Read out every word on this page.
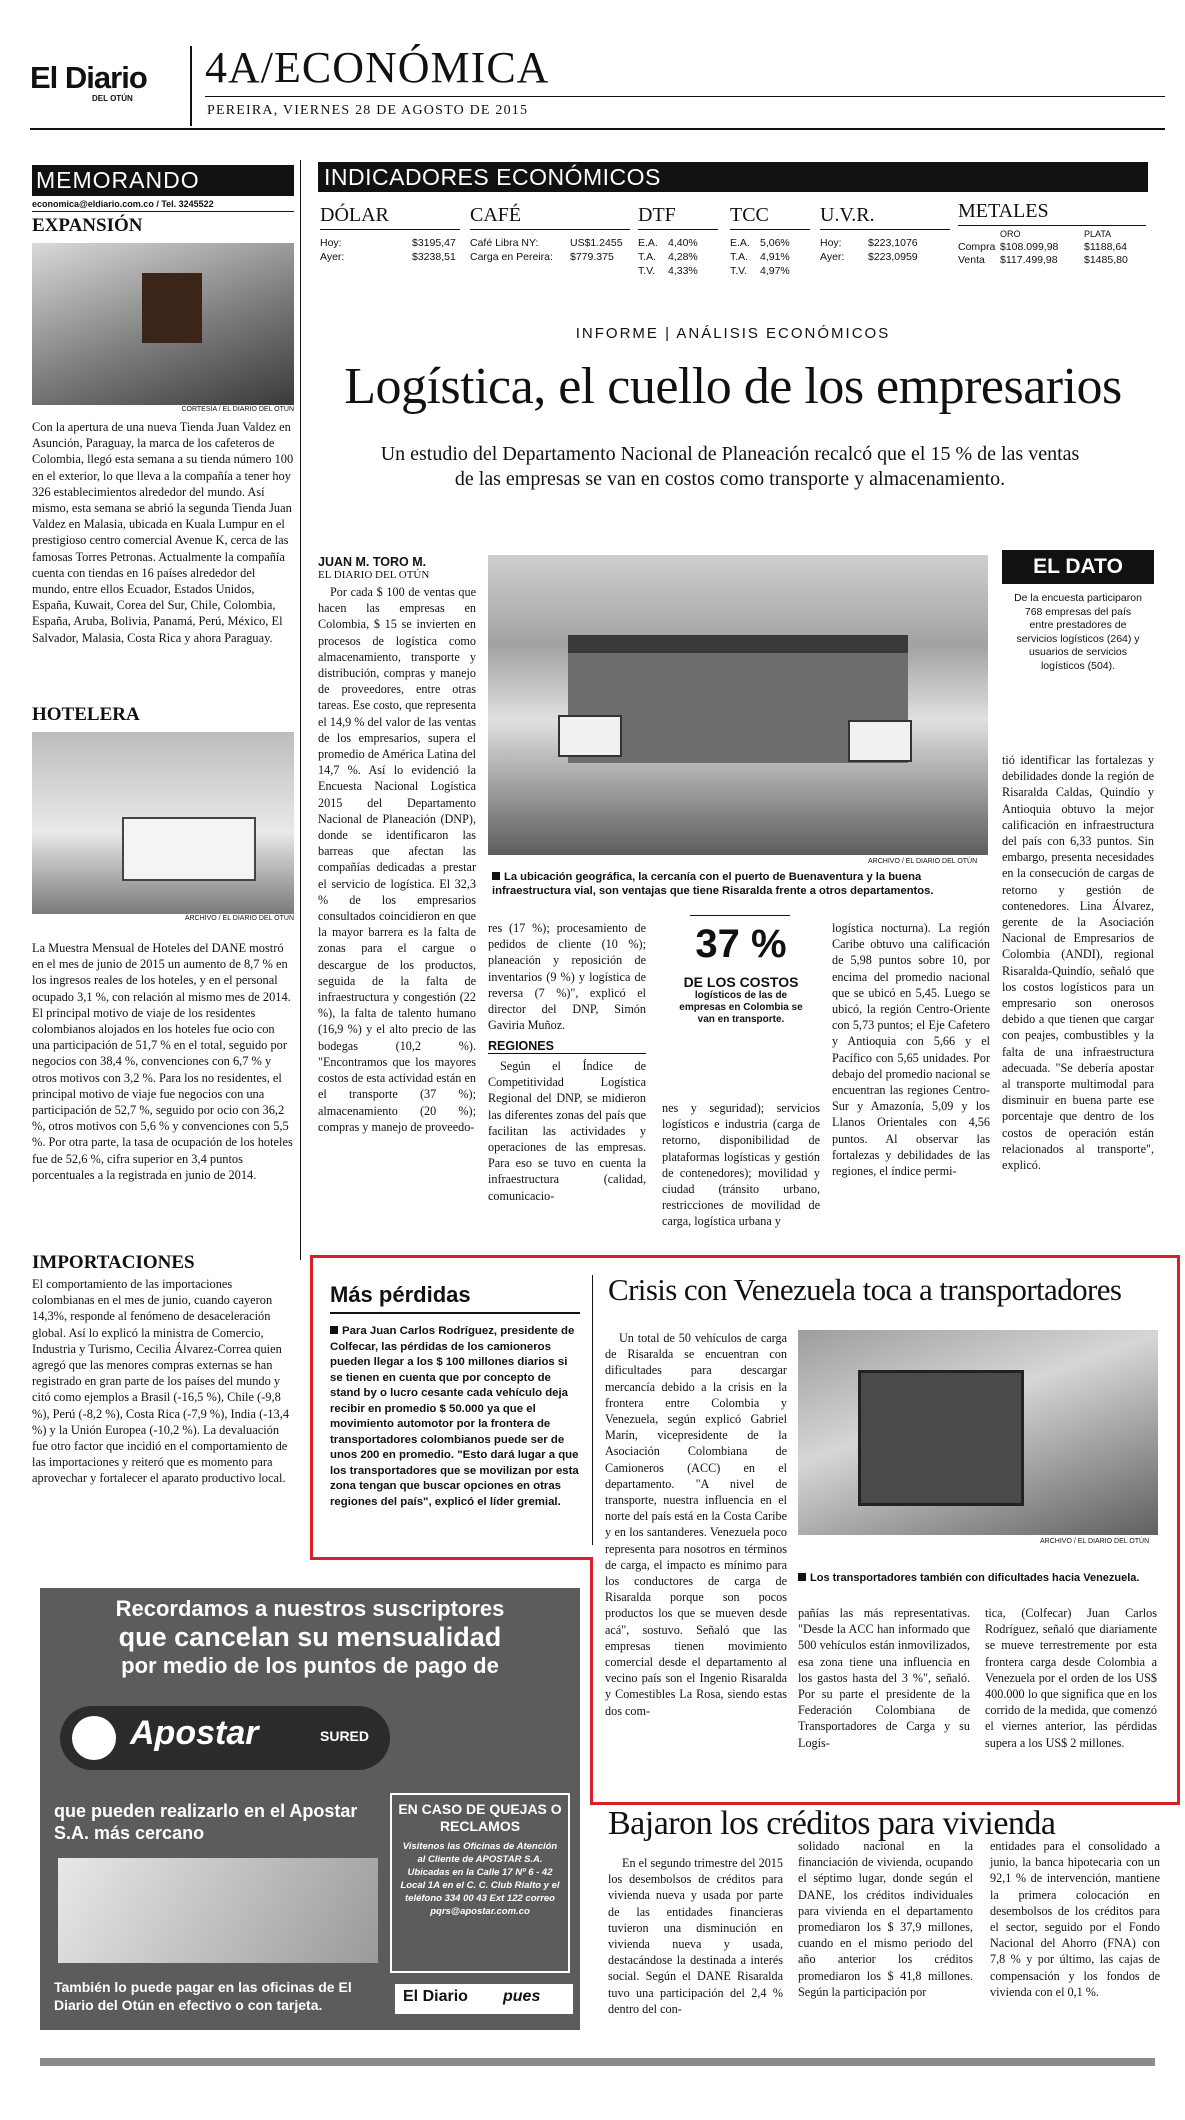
El Diario
DEL OTÚN
4A/ECONÓMICA
PEREIRA, VIERNES 28 DE AGOSTO DE 2015
MEMORANDO
economica@eldiario.com.co / Tel. 3245522
EXPANSIÓN
CORTESÍA / EL DIARIO DEL OTÚN
Con la apertura de una nueva Tienda Juan Valdez en Asunción, Paraguay, la marca de los cafeteros de Colombia, llegó esta semana a su tienda número 100 en el exterior, lo que lleva a la compañía a tener hoy 326 establecimientos alrededor del mundo. Así mismo, esta semana se abrió la segunda Tienda Juan Valdez en Malasia, ubicada en Kuala Lumpur en el prestigioso centro comercial Avenue K, cerca de las famosas Torres Petronas. Actualmente la compañía cuenta con tiendas en 16 países alrededor del mundo, entre ellos Ecuador, Estados Unidos, España, Kuwait, Corea del Sur, Chile, Colombia, España, Aruba, Bolivia, Panamá, Perú, México, El Salvador, Malasia, Costa Rica y ahora Paraguay.
HOTELERA
ARCHIVO / EL DIARIO DEL OTÚN
La Muestra Mensual de Hoteles del DANE mostró en el mes de junio de 2015 un aumento de 8,7 % en los ingresos reales de los hoteles, y en el personal ocupado 3,1 %, con relación al mismo mes de 2014. El principal motivo de viaje de los residentes colombianos alojados en los hoteles fue ocio con una participación de 51,7 % en el total, seguido por negocios con 38,4 %, convenciones con 6,7 % y otros motivos con 3,2 %. Para los no residentes, el principal motivo de viaje fue negocios con una participación de 52,7 %, seguido por ocio con 36,2 %, otros motivos con 5,6 % y convenciones con 5,5 %. Por otra parte, la tasa de ocupación de los hoteles fue de 52,6 %, cifra superior en 3,4 puntos porcentuales a la registrada en junio de 2014.
IMPORTACIONES
El comportamiento de las importaciones colombianas en el mes de junio, cuando cayeron 14,3%, responde al fenómeno de desaceleración global. Así lo explicó la ministra de Comercio, Industria y Turismo, Cecilia Álvarez-Correa quien agregó que las menores compras externas se han registrado en gran parte de los países del mundo y citó como ejemplos a Brasil (-16,5 %), Chile (-9,8 %), Perú (-8,2 %), Costa Rica (-7,9 %), India (-13,4 %) y la Unión Europea (-10,2 %). La devaluación fue otro factor que incidió en el comportamiento de las importaciones y reiteró que es momento para aprovechar y fortalecer el aparato productivo local.
INDICADORES ECONÓMICOS
DÓLAR
Hoy:	$3195,47
Ayer:	$3238,51
CAFÉ
Café Libra NY:	US$1.2455
Carga en Pereira:	$779.375
DTF
E.A. 4,40%
T.A.	4,28%
T.V.	4,33%
TCC
E.A. 5,06%
T.A.	4,91%
T.V.	4,97%
U.V.R.
Hoy:	$223,1076
Ayer:	$223,0959
METALES
ORO	PLATA
Compra $108.099,98	$1188,64
Venta	$117.499,98	$1485,80
INFORME | ANÁLISIS ECONÓMICOS
Logística, el cuello de los empresarios
Un estudio del Departamento Nacional de Planeación recalcó que el 15 % de las ventas de las empresas se van en costos como transporte y almacenamiento.
JUAN M. TORO M.
EL DIARIO DEL OTÚN
Por cada $ 100 de ventas que hacen las empresas en Colombia, $ 15 se invierten en procesos de logística como almacenamiento, transporte y distribución, compras y manejo de proveedores, entre otras tareas. Ese costo, que representa el 14,9 % del valor de las ventas de los empresarios, supera el promedio de América Latina del 14,7 %. Así lo evidenció la Encuesta Nacional Logística 2015 del Departamento Nacional de Planeación (DNP), donde se identificaron las barreas que afectan las compañías dedicadas a prestar el servicio de logística. El 32,3 % de los empresarios consultados coincidieron en que la mayor barrera es la falta de zonas para el cargue o descargue de los productos, seguida de la falta de infraestructura y congestión (22 %), la falta de talento humano (16,9 %) y el alto precio de las bodegas (10,2 %). "Encontramos que los mayores costos de esta actividad están en el transporte (37 %); almacenamiento (20 %); compras y manejo de proveedo-
ARCHIVO / EL DIARIO DEL OTÚN
La ubicación geográfica, la cercanía con el puerto de Buenaventura y la buena infraestructura vial, son ventajas que tiene Risaralda frente a otros departamentos.
res (17 %); procesamiento de pedidos de cliente (10 %); planeación y reposición de inventarios (9 %) y logística de reversa (7 %)", explicó el director del DNP, Simón Gaviria Muñoz.
REGIONES
Según el Índice de Competitividad Logística Regional del DNP, se midieron las diferentes zonas del país que facilitan las actividades y operaciones de las empresas. Para eso se tuvo en cuenta la infraestructura (calidad, comunicacio-
37 %
DE LOS COSTOS
logísticos de las de empresas en Colombia se van en transporte.
nes y seguridad); servicios logísticos e industria (carga de retorno, disponibilidad de plataformas logísticas y gestión de contenedores); movilidad y ciudad (tránsito urbano, restricciones de movilidad de carga, logística urbana y
logística nocturna). La región Caribe obtuvo una calificación de 5,98 puntos sobre 10, por encima del promedio nacional que se ubicó en 5,45. Luego se ubicó, la región Centro-Oriente con 5,73 puntos; el Eje Cafetero y Antioquia con 5,66 y el Pacífico con 5,65 unidades. Por debajo del promedio nacional se encuentran las regiones Centro-Sur y Amazonía, 5,09 y los Llanos Orientales con 4,56 puntos. Al observar las fortalezas y debilidades de las regiones, el índice permi-
EL DATO
De la encuesta participaron 768 empresas del país entre prestadores de servicios logísticos (264) y usuarios de servicios logísticos (504).
tió identificar las fortalezas y debilidades donde la región de Risaralda Caldas, Quindío y Antioquia obtuvo la mejor calificación en infraestructura del país con 6,33 puntos. Sin embargo, presenta necesidades en la consecución de cargas de retorno y gestión de contenedores. Lina Álvarez, gerente de la Asociación Nacional de Empresarios de Colombia (ANDI), regional Risaralda-Quindío, señaló que los costos logísticos para un empresario son onerosos debido a que tienen que cargar con peajes, combustibles y la falta de una infraestructura adecuada. "Se debería apostar al transporte multimodal para disminuir en buena parte ese porcentaje que dentro de los costos de operación están relacionados al transporte", explicó.
Más pérdidas
Para Juan Carlos Rodríguez, presidente de Colfecar, las pérdidas de los camioneros pueden llegar a los $ 100 millones diarios si se tienen en cuenta que por concepto de stand by o lucro cesante cada vehículo deja recibir en promedio $ 50.000 ya que el movimiento automotor por la frontera de transportadores colombianos puede ser de unos 200 en promedio. "Esto dará lugar a que los transportadores que se movilizan por esta zona tengan que buscar opciones en otras regiones del país", explicó el líder gremial.
Crisis con Venezuela toca a transportadores
Un total de 50 vehículos de carga de Risaralda se encuentran con dificultades para descargar mercancía debido a la crisis en la frontera entre Colombia y Venezuela, según explicó Gabriel Marín, vicepresidente de la Asociación Colombiana de Camioneros (ACC) en el departamento. "A nivel de transporte, nuestra influencia en el norte del país está en la Costa Caribe y en los santanderes. Venezuela poco representa para nosotros en términos de carga, el impacto es mínimo para los conductores de carga de Risaralda porque son pocos productos los que se mueven desde acá", sostuvo. Señaló que las empresas tienen movimiento comercial desde el departamento al vecino país son el Ingenio Risaralda y Comestibles La Rosa, siendo estas dos com-
ARCHIVO / EL DIARIO DEL OTÚN
Los transportadores también con dificultades hacia Venezuela.
pañías las más representativas. "Desde la ACC han informado que 500 vehículos están inmovilizados, esa zona tiene una influencia en los gastos hasta del 3 %", señaló. Por su parte el presidente de la Federación Colombiana de Transportadores de Carga y su Logís-
tica, (Colfecar) Juan Carlos Rodríguez, señaló que diariamente se mueve terrestremente por esta frontera carga desde Colombia a Venezuela por el orden de los US$ 400.000 lo que significa que en los corrido de la medida, que comenzó el viernes anterior, las pérdidas supera a los US$ 2 millones.
Bajaron los créditos para vivienda
En el segundo trimestre del 2015 los desembolsos de créditos para vivienda nueva y usada por parte de las entidades financieras tuvieron una disminución en vivienda nueva y usada, destacándose la destinada a interés social. Según el DANE Risaralda tuvo una participación del 2,4 % dentro del con-
solidado nacional en la financiación de vivienda, ocupando el séptimo lugar, donde según el DANE, los créditos individuales para vivienda en el departamento promediaron los $ 37,9 millones, cuando en el mismo periodo del año anterior los créditos promediaron los $ 41,8 millones. Según la participación por
entidades para el consolidado a junio, la banca hipotecaria con un 92,1 % de intervención, mantiene la primera colocación en desembolsos de los créditos para el sector, seguido por el Fondo Nacional del Ahorro (FNA) con 7,8 % y por último, las cajas de compensación y los fondos de vivienda con el 0,1 %.
Recordamos a nuestros suscriptores
que cancelan su mensualidad
por medio de los puntos de pago de
Apostar	SURED
que pueden realizarlo en el Apostar S.A. más cercano
EN CASO DE QUEJAS O RECLAMOS
Visítenos las Oficinas de Atención al Cliente de APOSTAR S.A. Ubicadas en la Calle 17 Nº 6 - 42 Local 1A en el C. C. Club Rialto y el teléfono 334 00 43 Ext 122 correo pqrs@apostar.com.co
También lo puede pagar en las oficinas de El Diario del Otún en efectivo o con tarjeta.	El Diario pues
